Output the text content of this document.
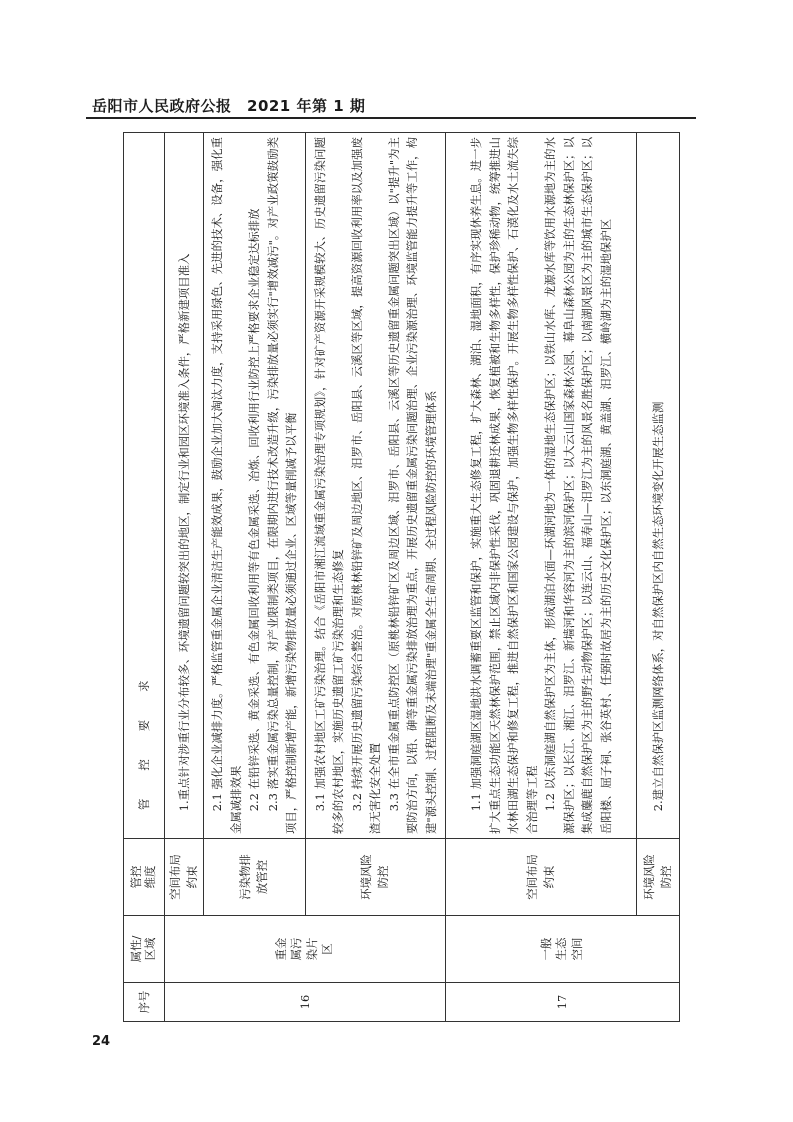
岳阳市人民政府公报　2021 年第 1 期
序号	属性/区域	管控维度	管控要求
16	重金属污染片区	空间布局约束	1.重点针对涉重行业分布较多、环境遗留问题较突出的地区，制定行业和园区环境准入条件，严格新建项目准入

		污染物排放管控	2.1 强化企业减排力度。严格监管重金属企业清洁生产能效成果，鼓励企业加大淘汰力度，支持采用绿色、先进的技术、设备，强化重金属减排效果 2.2 在铅锌采选、黄金采选、有色金属回收利用等有色金属采选、冶炼、回收利用行业防控上严格要求企业稳定达标排放 2.3 落实重金属污染总量控制，对产业限制类项目，在限期内进行技术改造升级，污染排放量必须实行"增效减污"。对产业政策鼓励类项目，严格控制新增产能，新增污染物排放量必须通过企业、区域等量削减予以平衡

		环境风险防控	3.1 加强农村地区工矿污染治理。结合《岳阳市湘江流域重金属污染治理专项规划》，针对矿产资源开采规模较大、历史遗留污染问题较多的农村地区，实施历史遗留工矿污染治理和生态修复 3.2 持续开展历史遗留污染综合整治。对原桃林铅锌矿及周边地区、汨罗市、岳阳县、云溪区等区域，提高资源回收利用率以及加强废渣无害化安全处置 3.3 在全市重金属重点防控区（原桃林铅锌矿区及周边区域、汨罗市、岳阳县、云溪区等历史遗留重金属问题突出区域）以"提升"为主要防治方向，以铅、砷等重金属污染排放治理为重点，开展历史遗留重金属污染问题治理、企业污染源治理、环境监管能力提升等工作，构建"源头控制、过程阻断及末端治理"重金属全生命周期、全过程风险防控的环境管理体系

17	一般生态空间	空间布局约束	1.1 加强洞庭湖区湿地洪水调蓄重要区监管和保护，实施重大生态修复工程，扩大森林、湖泊、湿地面积，有序实现休养生息。进一步扩大重点生态功能区天然林保护范围，禁止区域内非保护性采伐，巩固退耕还林成果，恢复植被和生物多样性，保护珍稀动物，统筹推进山水林田湖生态保护和修复工程，推进自然保护区和国家公园建设与保护，加强生物多样性保护。开展生物多样性保护、石漠化及水土流失综合治理等工程 1.2 以东洞庭湖自然保护区为主体，形成湖泊水面—环湖河地为一体的湿地生态保护区；以铁山水库、龙源水库等饮用水源地为主的水源保护区；以长江、湘江、汨罗江、新墙河和华容河为主的滨河保护区；以大云山国家森林公园、幕阜山森林公园为主的生态林保护区；以集成麋鹿自然保护区为主的野生动物保护区；以连云山、福寿山—汨罗江为主的风景名胜保护区；以南湖风景区为主的城市生态保护区；以岳阳楼、屈子祠、张谷英村、任弼时故居为主的历史文化保护区；以东洞庭湖、黄盖湖、汨罗江、横岭湖为主的湿地保护区

		环境风险防控	2.建立自然保护区监测网络体系，对自然保护区内自然生态环境变化开展生态监测

24
